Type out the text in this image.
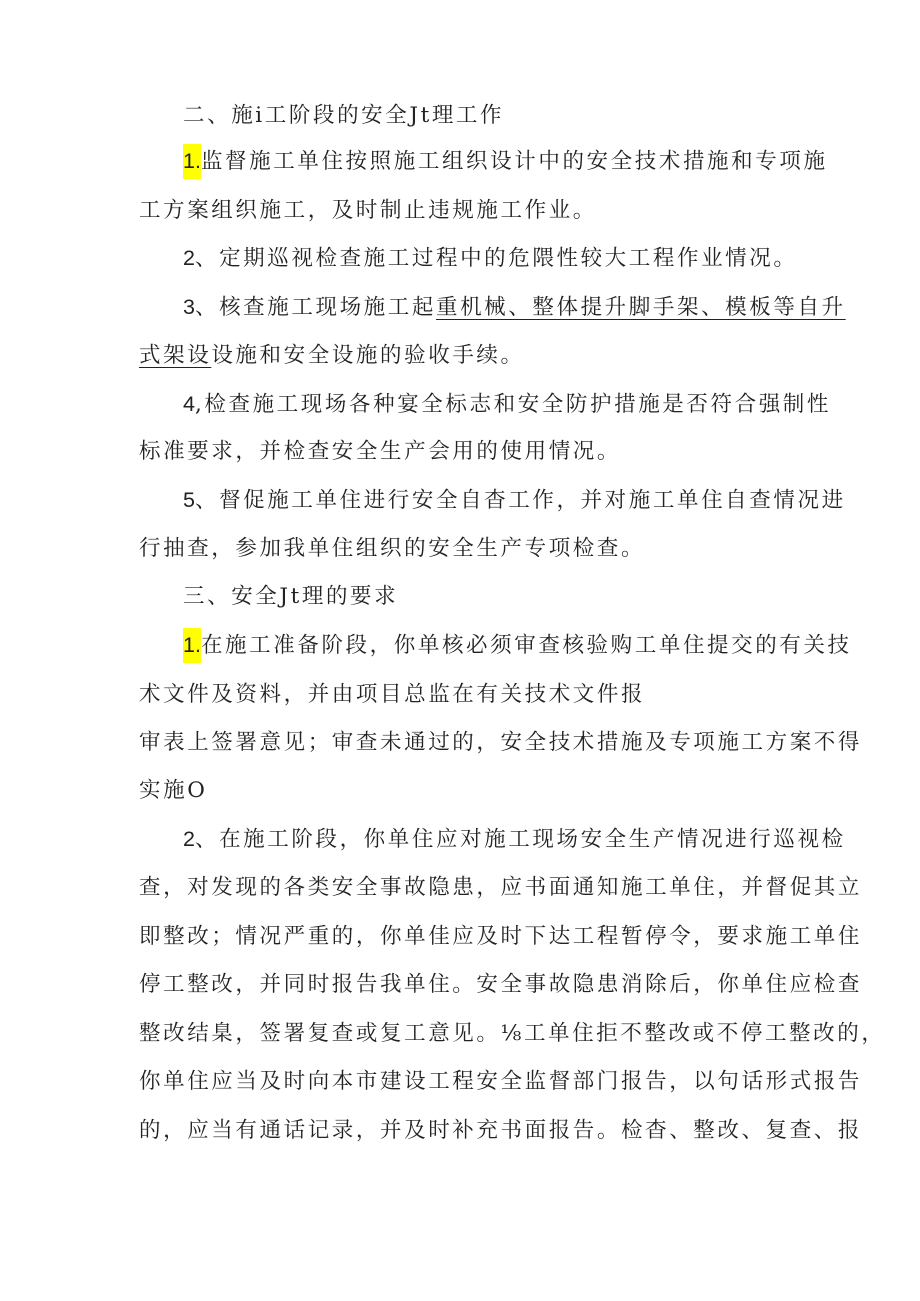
二、施i工阶段的安全Jt理工作
1.监督施工单住按照施工组织设计中的安全技术措施和专项施
工方案组织施工，及时制止违规施工作业。
2、定期巡视检查施工过程中的危隈性较大工程作业情况。
3、核查施工现场施工起重机械、整体提升脚手架、模板等自升
式架设设施和安全设施的验收手续。
4,检查施工现场各种宴全标志和安全防护措施是否符合强制性
标准要求，并检查安全生产会用的使用情况。
5、督促施工单住进行安全自杳工作，并对施工单住自查情况进
行抽查，参加我单住组织的安全生产专项检查。
三、安全Jt理的要求
1.在施工准备阶段，你单核必须审查核验购工单住提交的有关技
术文件及资料，并由项目总监在有关技术文件报
审表上签署意见；审查未通过的，安全技术措施及专项施工方案不得
实施O
2、在施工阶段，你单住应对施工现场安全生产情况进行巡视检
查，对发现的各类安全事故隐患，应书面通知施工单住，并督促其立
即整改；情况严重的，你单佳应及时下达工程暂停令，要求施工单住
停工整改，并同时报告我单住。安全事故隐患消除后，你单住应检查
整改结臬，签署复查或复工意见。⅛工单住拒不整改或不停工整改的，
你单住应当及时向本市建设工程安全监督部门报告，以句话形式报告
的，应当有通话记录，并及时补充书面报告。检杳、整改、复查、报
